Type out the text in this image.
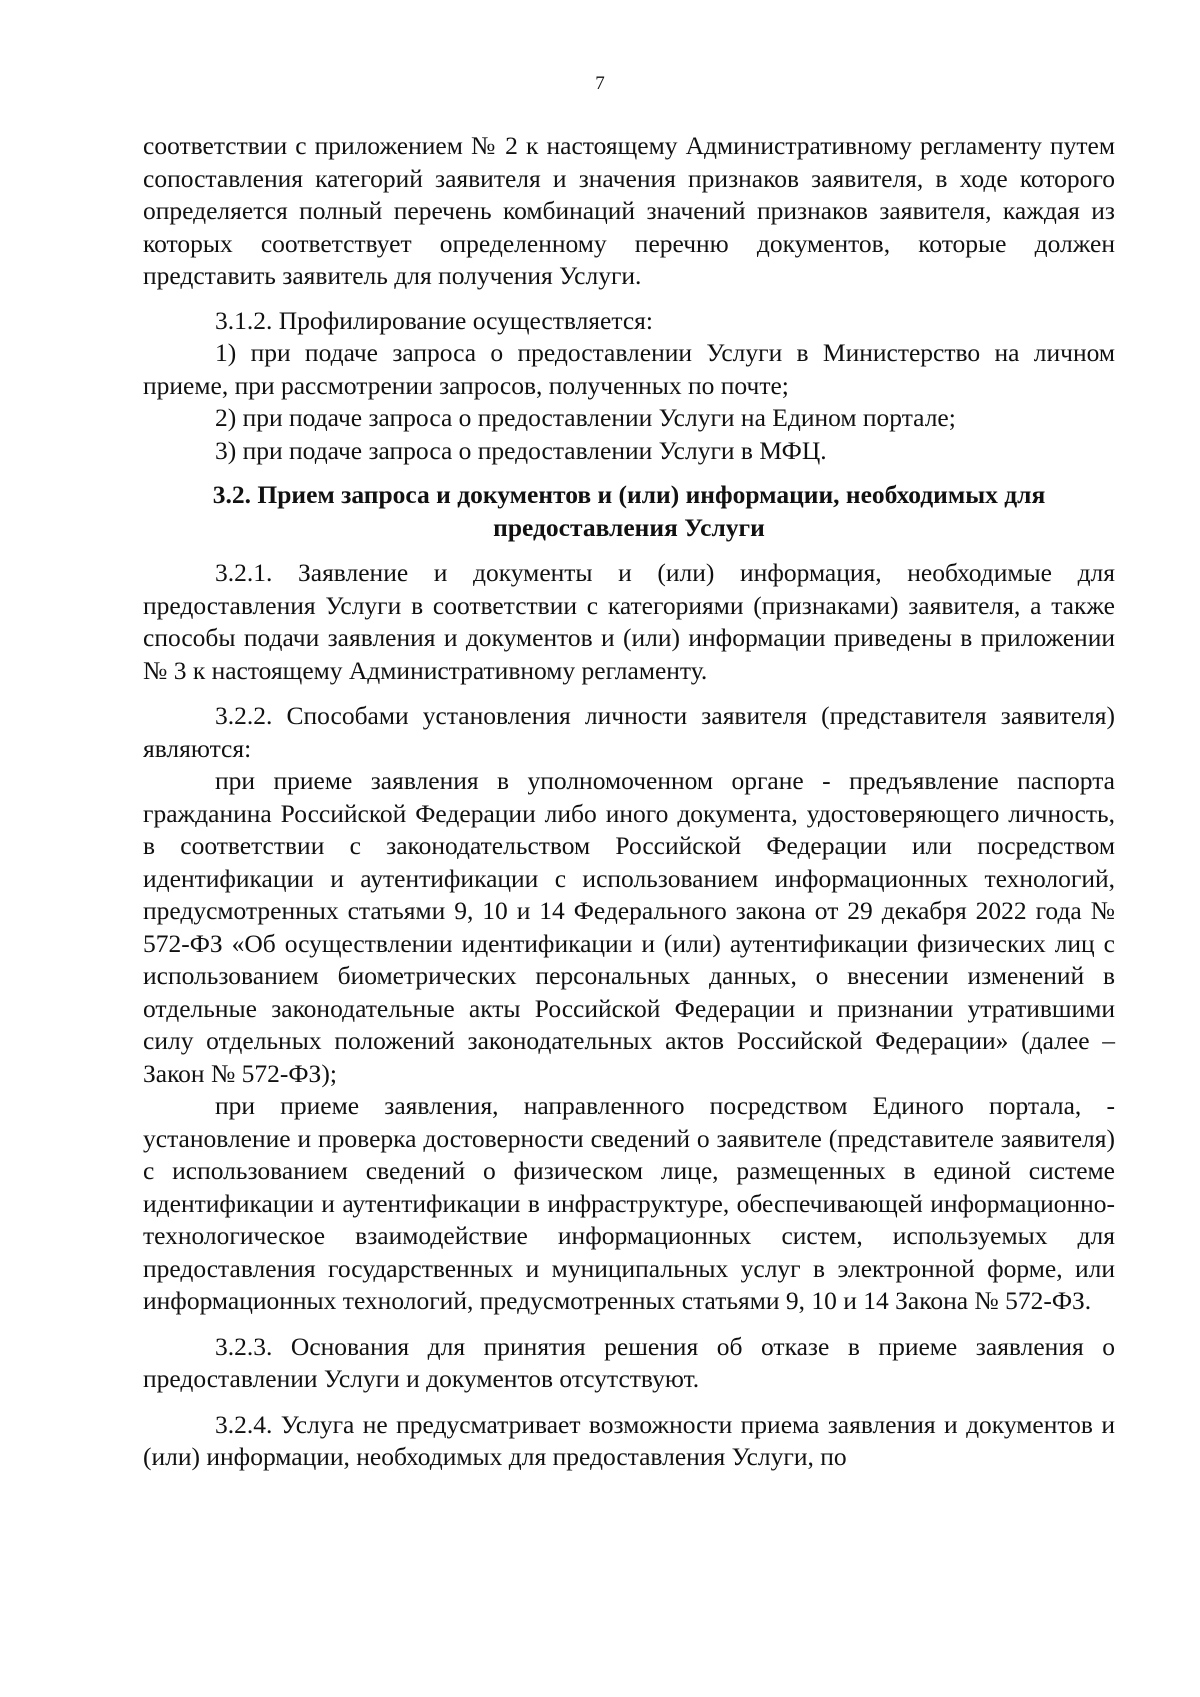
7

соответствии с приложением № 2 к настоящему Административному регламенту путем сопоставления категорий заявителя и значения признаков заявителя, в ходе которого определяется полный перечень комбинаций значений признаков заявителя, каждая из которых соответствует определенному перечню документов, которые должен представить заявитель для получения Услуги.

3.1.2. Профилирование осуществляется:

1) при подаче запроса о предоставлении Услуги в Министерство на личном приеме, при рассмотрении запросов, полученных по почте;

2) при подаче запроса о предоставлении Услуги на Едином портале;

3) при подаче запроса о предоставлении Услуги в МФЦ.

3.2. Прием запроса и документов и (или) информации, необходимых для предоставления Услуги

3.2.1. Заявление и документы и (или) информация, необходимые для предоставления Услуги в соответствии с категориями (признаками) заявителя, а также способы подачи заявления и документов и (или) информации приведены в приложении № 3 к настоящему Административному регламенту.

3.2.2. Способами установления личности заявителя (представителя заявителя) являются:

при приеме заявления в уполномоченном органе - предъявление паспорта гражданина Российской Федерации либо иного документа, удостоверяющего личность, в соответствии с законодательством Российской Федерации или посредством идентификации и аутентификации с использованием информационных технологий, предусмотренных статьями 9, 10 и 14 Федерального закона от 29 декабря 2022 года № 572-ФЗ «Об осуществлении идентификации и (или) аутентификации физических лиц с использованием биометрических персональных данных, о внесении изменений в отдельные законодательные акты Российской Федерации и признании утратившими силу отдельных положений законодательных актов Российской Федерации» (далее – Закон № 572-ФЗ);

при приеме заявления, направленного посредством Единого портала, - установление и проверка достоверности сведений о заявителе (представителе заявителя) с использованием сведений о физическом лице, размещенных в единой системе идентификации и аутентификации в инфраструктуре, обеспечивающей информационно-технологическое взаимодействие информационных систем, используемых для предоставления государственных и муниципальных услуг в электронной форме, или информационных технологий, предусмотренных статьями 9, 10 и 14 Закона № 572-ФЗ.

3.2.3. Основания для принятия решения об отказе в приеме заявления о предоставлении Услуги и документов отсутствуют.

3.2.4. Услуга не предусматривает возможности приема заявления и документов и (или) информации, необходимых для предоставления Услуги, по
